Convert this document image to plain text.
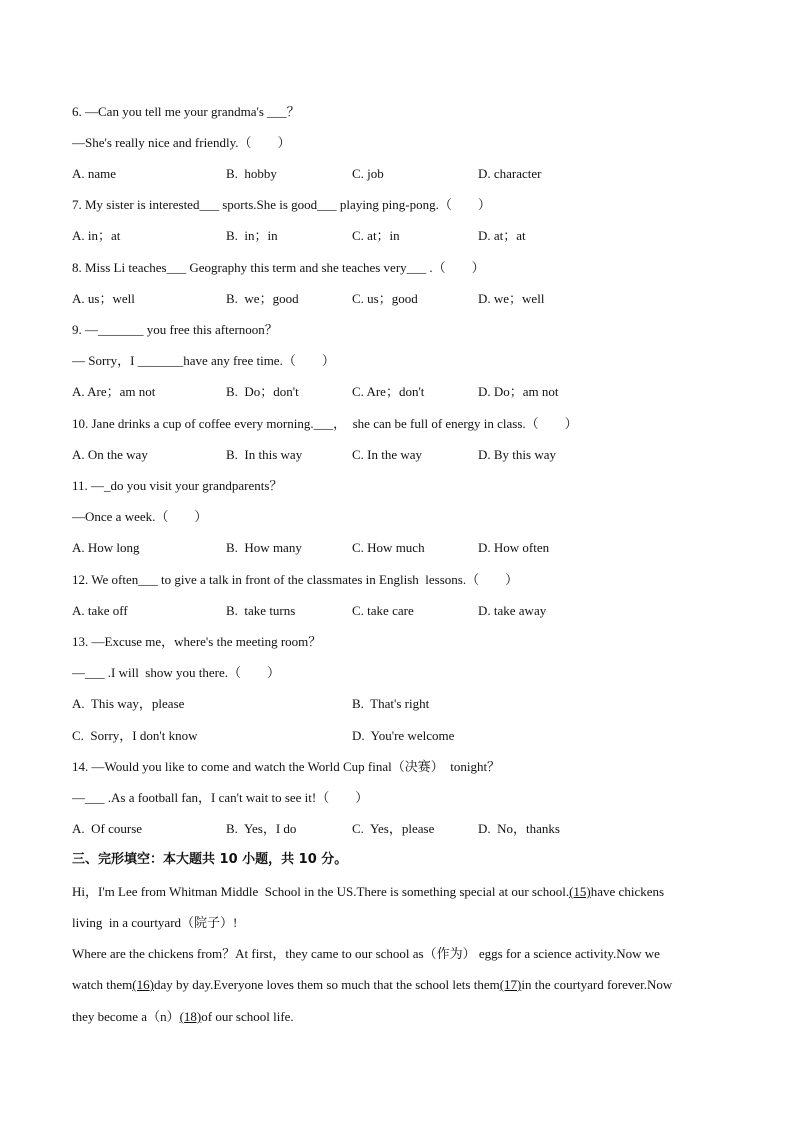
6. —Can you tell me your grandma's ___？
—She's really nice and friendly.（　　）
A. name	B.  hobby	C. job	D. character
7. My sister is interested___ sports.She is good___ playing ping-pong.（　　）
A. in；at	B.  in；in	C. at；in	D. at；at
8. Miss Li teaches___ Geography this term and she teaches very___ .（　　）
A. us；well	B.  we；good	C. us；good	D. we；well
9. —_______ you free this afternoon？
— Sorry，I _______have any free time.（　　）
A. Are；am not	B.  Do；don't	C. Are；don't	D. Do；am not
10. Jane drinks a cup of coffee every morning.___，  she can be full of energy in class.（　　）
A. On the way	B.  In this way	C. In the way	D. By this way
11. —_do you visit your grandparents？
—Once a week.（　　）
A. How long	B.  How many	C. How much	D. How often
12. We often___ to give a talk in front of the classmates in English  lessons.（　　）
A. take off	B.  take turns	C. take care	D. take away
13. —Excuse me，where's the meeting room？
—___ .I will  show you there.（　　）
A.  This way，please	B.  That's right
C.  Sorry，I don't know	D.  You're welcome
14. —Would you like to come and watch the World Cup final（决赛）  tonight？
—___ .As a football fan，I can't wait to see it!（　　）
A.  Of course	B.  Yes，I do	C.  Yes，please	D.  No，thanks
三、完形填空：本大题共 10 小题，共 10 分。
Hi，I'm Lee from Whitman Middle  School in the US.There is something special at our school.(15)have chickens
living  in a courtyard（院子）!
Where are the chickens from？At first，they came to our school as（作为） eggs for a science activity.Now we
watch them(16)day by day.Everyone loves them so much that the school lets them(17)in the courtyard forever.Now
they become a（n）(18)of our school life.
